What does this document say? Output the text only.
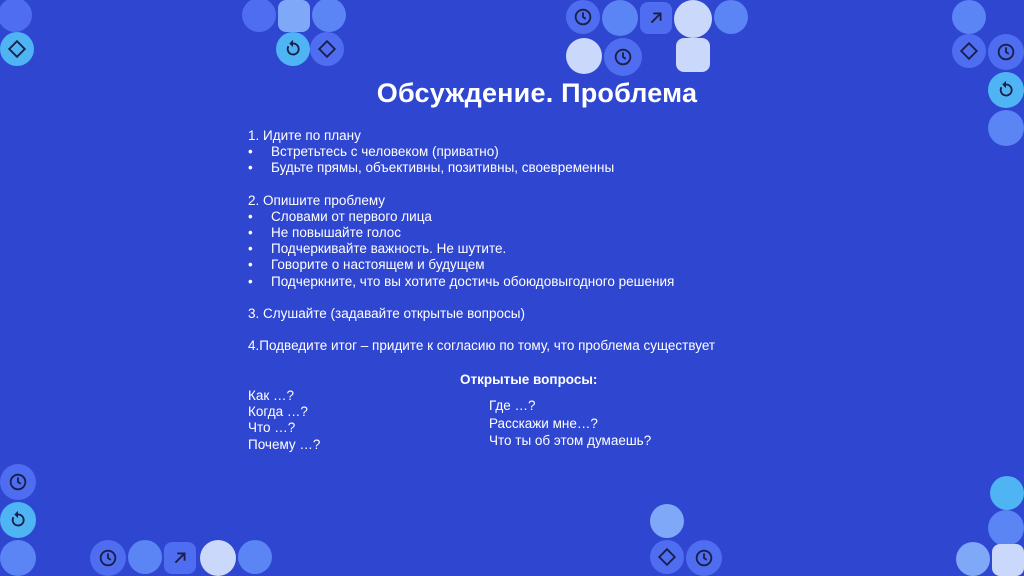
Обсуждение. Проблема
1. Идите по плану
•	Встретьтесь с человеком (приватно)
•	Будьте прямы, объективны, позитивны, своевременны
2. Опишите проблему
•	Словами от первого лица
•	Не повышайте голос
•	Подчеркивайте важность. Не шутите.
•	Говорите о настоящем и будущем
•	Подчеркните, что вы хотите достичь обоюдовыгодного решения
3. Слушайте (задавайте открытые вопросы)
4.Подведите итог – придите к согласию по тому, что проблема существует
Открытые вопросы:
Как …?
Когда …?
Что …?
Почему …?
Где …?
Расскажи мне…?
Что ты об этом думаешь?
